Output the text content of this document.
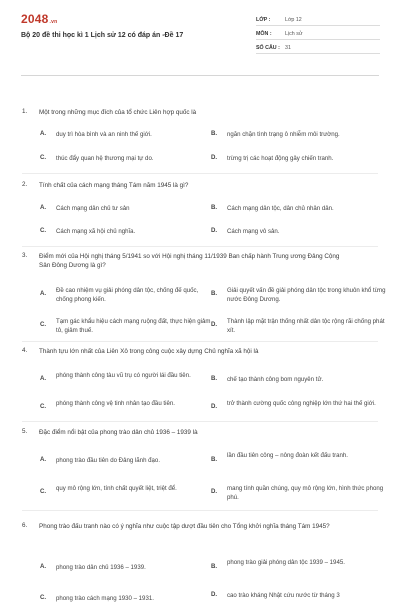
2048.vn
Bộ 20 đề thi học kì 1 Lịch sử 12 có đáp án -Đề 17
LỚP :	Lớp 12
MÔN :	Lịch sử
SỐ CÂU : 31
1. Một trong những mục đích của tổ chức Liên hợp quốc là
A. duy trì hòa bình và an ninh thế giới.	B. ngăn chặn tình trạng ô nhiễm môi trường.
C. thúc đẩy quan hệ thương mại tự do.	D. trừng trị các hoạt động gây chiến tranh.
2. Tính chất của cách mạng tháng Tám năm 1945 là gì?
A. Cách mạng dân chủ tư sản	B. Cách mạng dân tộc, dân chủ nhân dân.
C. Cách mạng xã hội chủ nghĩa.	D. Cách mạng vô sản.
3. Điểm mới của Hội nghị tháng 5/1941 so với Hội nghị tháng 11/1939 Ban chấp hành Trung ương Đảng Cộng Sản Đông Dương là gì?
A. Đề cao nhiệm vụ giải phóng dân tộc, chống đế quốc, chống phong kiến.
B. Giải quyết vấn đề giải phóng dân tộc trong khuôn khổ từng nước Đông Dương.
C. Tạm gác khẩu hiệu cách mạng ruộng đất, thực hiện giảm tô, giảm thuế.
D. Thành lập mặt trận thống nhất dân tộc rộng rãi chống phát xít.
4. Thành tựu lớn nhất của Liên Xô trong công cuộc xây dựng Chủ nghĩa xã hội là
A. phóng thành công tàu vũ trụ có người lái đầu tiên.	B. chế tạo thành công bom nguyên tử.
C. phóng thành công vệ tinh nhân tạo đầu tiên.	D. trở thành cường quốc công nghiệp lớn thứ hai thế giới.
5. Đặc điểm nổi bật của phong trào dân chủ 1936 – 1939 là
A. phong trào đầu tiên do Đảng lãnh đạo.	B.
lần đầu tiên công – nông đoàn kết đấu tranh.
C. quy mô rộng lớn, tính chất quyết liệt, triệt để.	D. mang tính quần chúng, quy mô rộng lớn, hình thức phong phú.
6. Phong trào đấu tranh nào có ý nghĩa như cuộc tập dượt đầu tiên cho Tổng khởi nghĩa tháng Tám 1945?
A. phong trào dân chủ 1936 – 1939.	B.
phong trào giải phóng dân tộc 1939 – 1945.
C. phong trào cách mạng 1930 – 1931.
D. cao trào kháng Nhật cứu nước từ tháng 3
